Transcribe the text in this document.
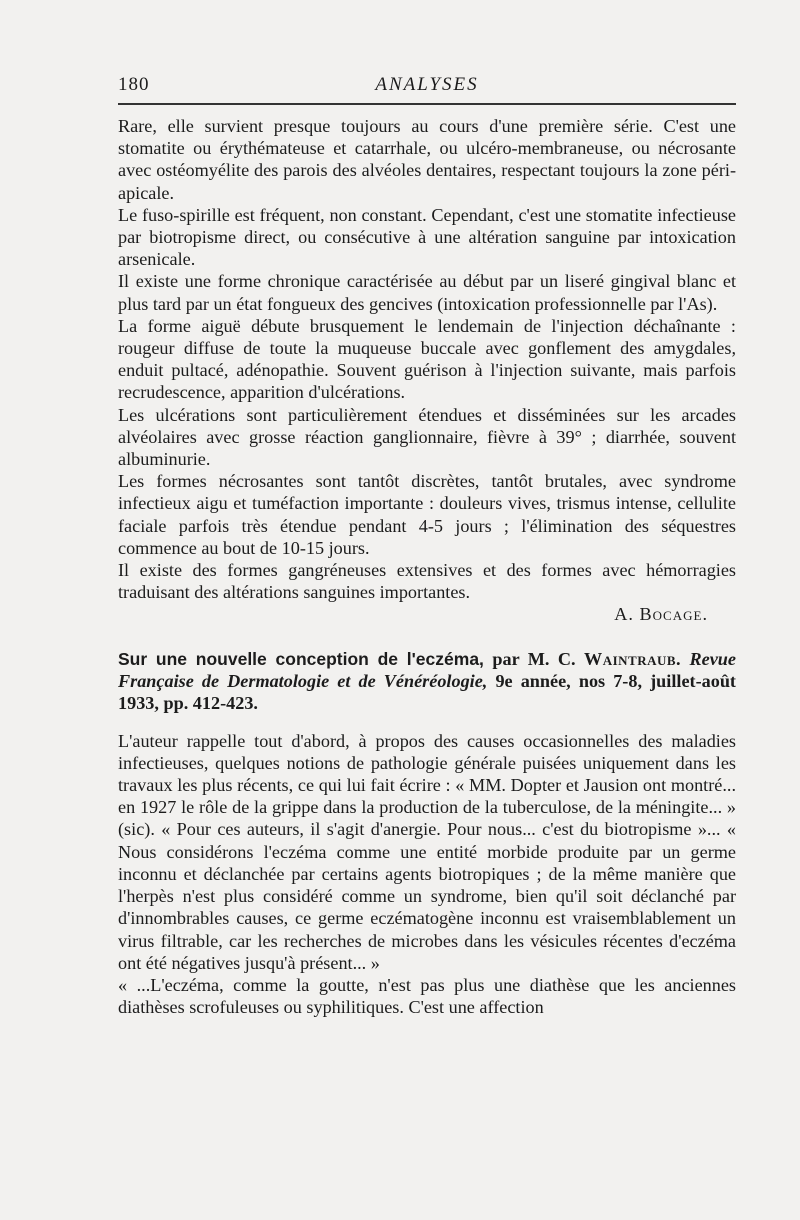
180	ANALYSES

Rare, elle survient presque toujours au cours d'une première série. C'est une stomatite ou érythémateuse et catarrhale, ou ulcéro-membraneuse, ou nécrosante avec ostéomyélite des parois des alvéoles dentaires, respectant toujours la zone péri-apicale.

Le fuso-spirille est fréquent, non constant. Cependant, c'est une stomatite infectieuse par biotropisme direct, ou consécutive à une altération sanguine par intoxication arsenicale.

Il existe une forme chronique caractérisée au début par un liseré gingival blanc et plus tard par un état fongueux des gencives (intoxication professionnelle par l'As).

La forme aiguë débute brusquement le lendemain de l'injection déchaînante : rougeur diffuse de toute la muqueuse buccale avec gonflement des amygdales, enduit pultacé, adénopathie. Souvent guérison à l'injection suivante, mais parfois recrudescence, apparition d'ulcérations.

Les ulcérations sont particulièrement étendues et disséminées sur les arcades alvéolaires avec grosse réaction ganglionnaire, fièvre à 39° ; diarrhée, souvent albuminurie.

Les formes nécrosantes sont tantôt discrètes, tantôt brutales, avec syndrome infectieux aigu et tuméfaction importante : douleurs vives, trismus intense, cellulite faciale parfois très étendue pendant 4-5 jours ; l'élimination des séquestres commence au bout de 10-15 jours.

Il existe des formes gangréneuses extensives et des formes avec hémorragies traduisant des altérations sanguines importantes.

A. Bocage.

Sur une nouvelle conception de l'eczéma, par M. C. Waintraub. Revue Française de Dermatologie et de Vénéréologie, 9e année, nos 7-8, juillet-août 1933, pp. 412-423.

L'auteur rappelle tout d'abord, à propos des causes occasionnelles des maladies infectieuses, quelques notions de pathologie générale puisées uniquement dans les travaux les plus récents, ce qui lui fait écrire : « MM. Dopter et Jausion ont montré... en 1927 le rôle de la grippe dans la production de la tuberculose, de la méningite... » (sic). « Pour ces auteurs, il s'agit d'anergie. Pour nous... c'est du biotropisme »... « Nous considérons l'eczéma comme une entité morbide produite par un germe inconnu et déclanchée par certains agents biotropiques ; de la même manière que l'herpès n'est plus considéré comme un syndrome, bien qu'il soit déclanché par d'innombrables causes, ce germe eczématogène inconnu est vraisemblablement un virus filtrable, car les recherches de microbes dans les vésicules récentes d'eczéma ont été négatives jusqu'à présent... »

« ...L'eczéma, comme la goutte, n'est pas plus une diathèse que les anciennes diathèses scrofuleuses ou syphilitiques. C'est une affection
